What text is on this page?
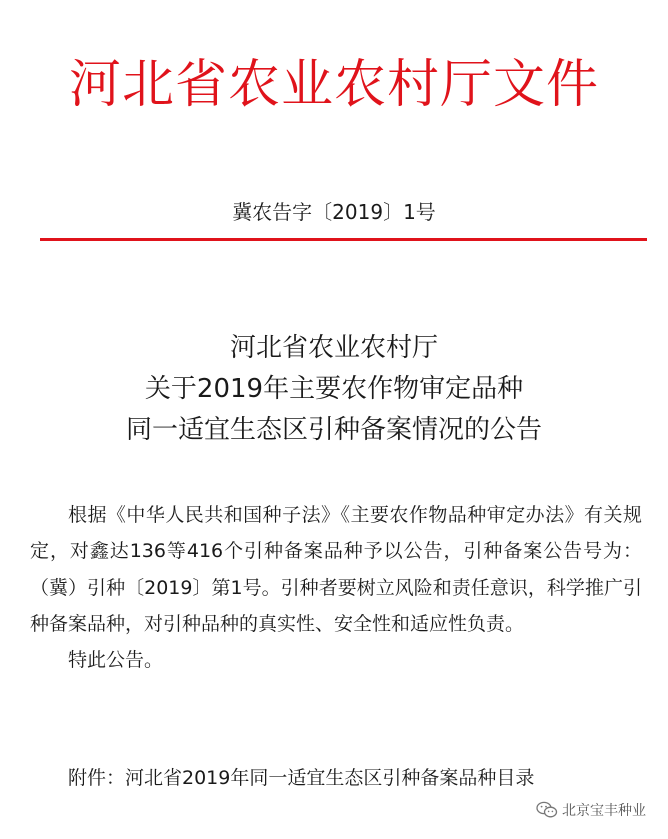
河北省农业农村厅文件
冀农告字〔2019〕1号
河北省农业农村厅
关于2019年主要农作物审定品种
同一适宜生态区引种备案情况的公告

根据《中华人民共和国种子法》《主要农作物品种审定办法》有关规定，对鑫达136等416个引种备案品种予以公告，引种备案公告号为：（冀）引种〔2019〕第1号。引种者要树立风险和责任意识，科学推广引种备案品种，对引种品种的真实性、安全性和适应性负责。

特此公告。

附件：河北省2019年同一适宜生态区引种备案品种目录
北京宝丰种业
